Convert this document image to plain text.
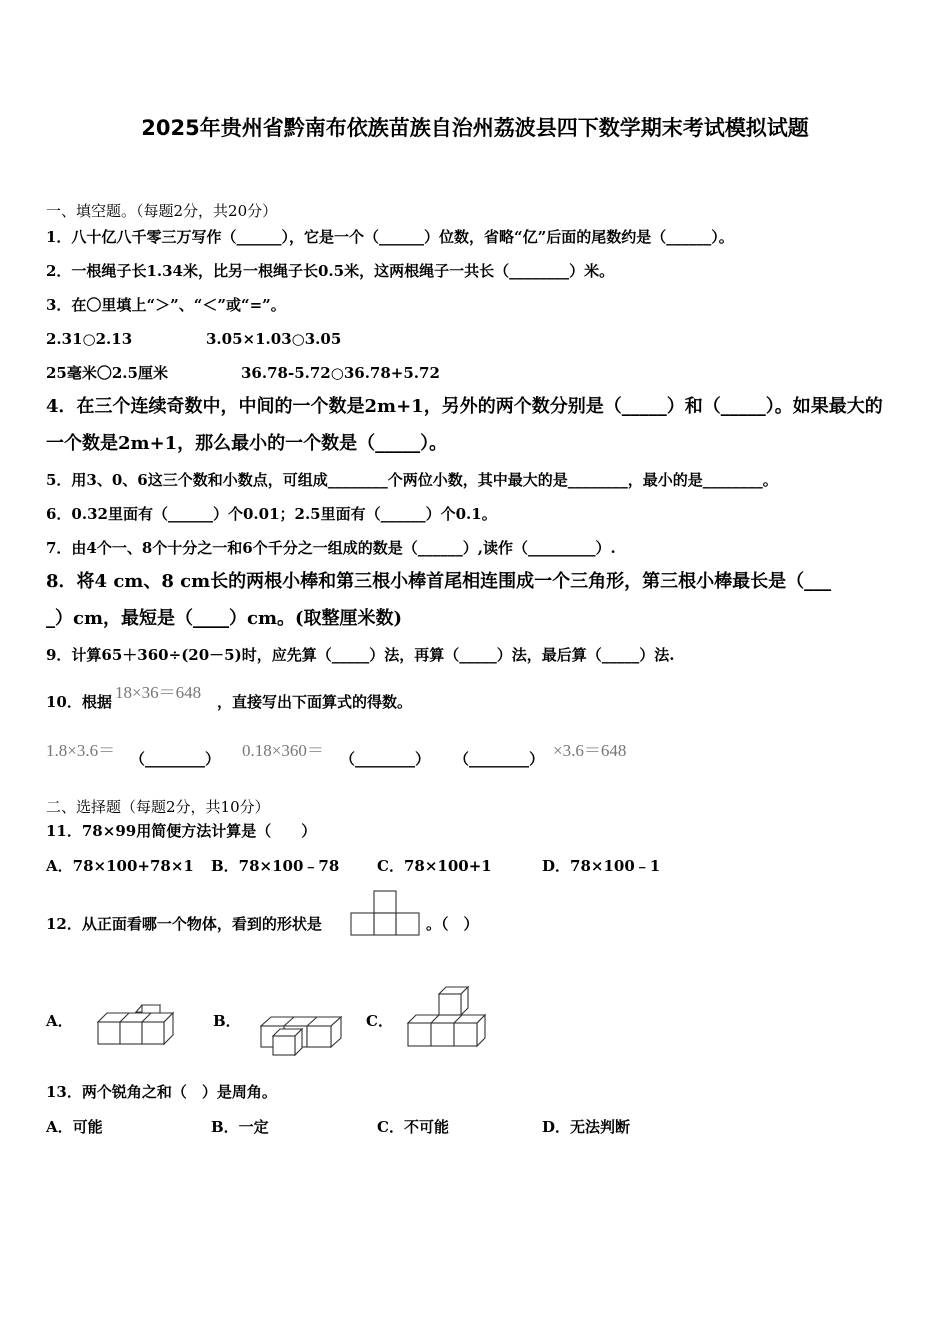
2025年贵州省黔南布依族苗族自治州荔波县四下数学期末考试模拟试题
一、填空题。（每题2分，共20分）
1．八十亿八千零三万写作（______），它是一个（______）位数，省略“亿”后面的尾数约是（______）。
2．一根绳子长1.34米，比另一根绳子长0.5米，这两根绳子一共长（________）米。
3．在〇里填上“＞”、“＜”或“=”。
2.31○2.13	3.05×1.03○3.05
25毫米〇2.5厘米	36.78-5.72○36.78+5.72
4．在三个连续奇数中，中间的一个数是2m+1，另外的两个数分别是（_____）和（_____）。如果最大的
一个数是2m+1，那么最小的一个数是（_____）。
5．用3、0、6这三个数和小数点，可组成________个两位小数，其中最大的是________，最小的是________。
6．0.32里面有（______）个0.01；2.5里面有（______）个0.1。
7．由4个一、8个十分之一和6个千分之一组成的数是（______）,读作（_________）.
8．将4 cm、8 cm长的两根小棒和第三根小棒首尾相连围成一个三角形，第三根小棒最长是（___
_）cm，最短是（____）cm。(取整厘米数)
9．计算65＋360÷(20－5)时，应先算（_____）法，再算（_____）法，最后算（_____）法.
10．根据 18×36＝648 ，直接写出下面算式的得数。
1.8×3.6＝ （________） 0.18×360＝ （________） （________） ×3.6＝648
二、选择题（每题2分，共10分）
11．78×99用简便方法计算是（　　）
A．78×100+78×1 B．78×100﹣78	C．78×100+1	D．78×100﹣1
12．从正面看哪一个物体，看到的形状是	。（　）
A．	B．	C．
13．两个锐角之和（　）是周角。
A．可能	B．一定	C．不可能	D．无法判断
